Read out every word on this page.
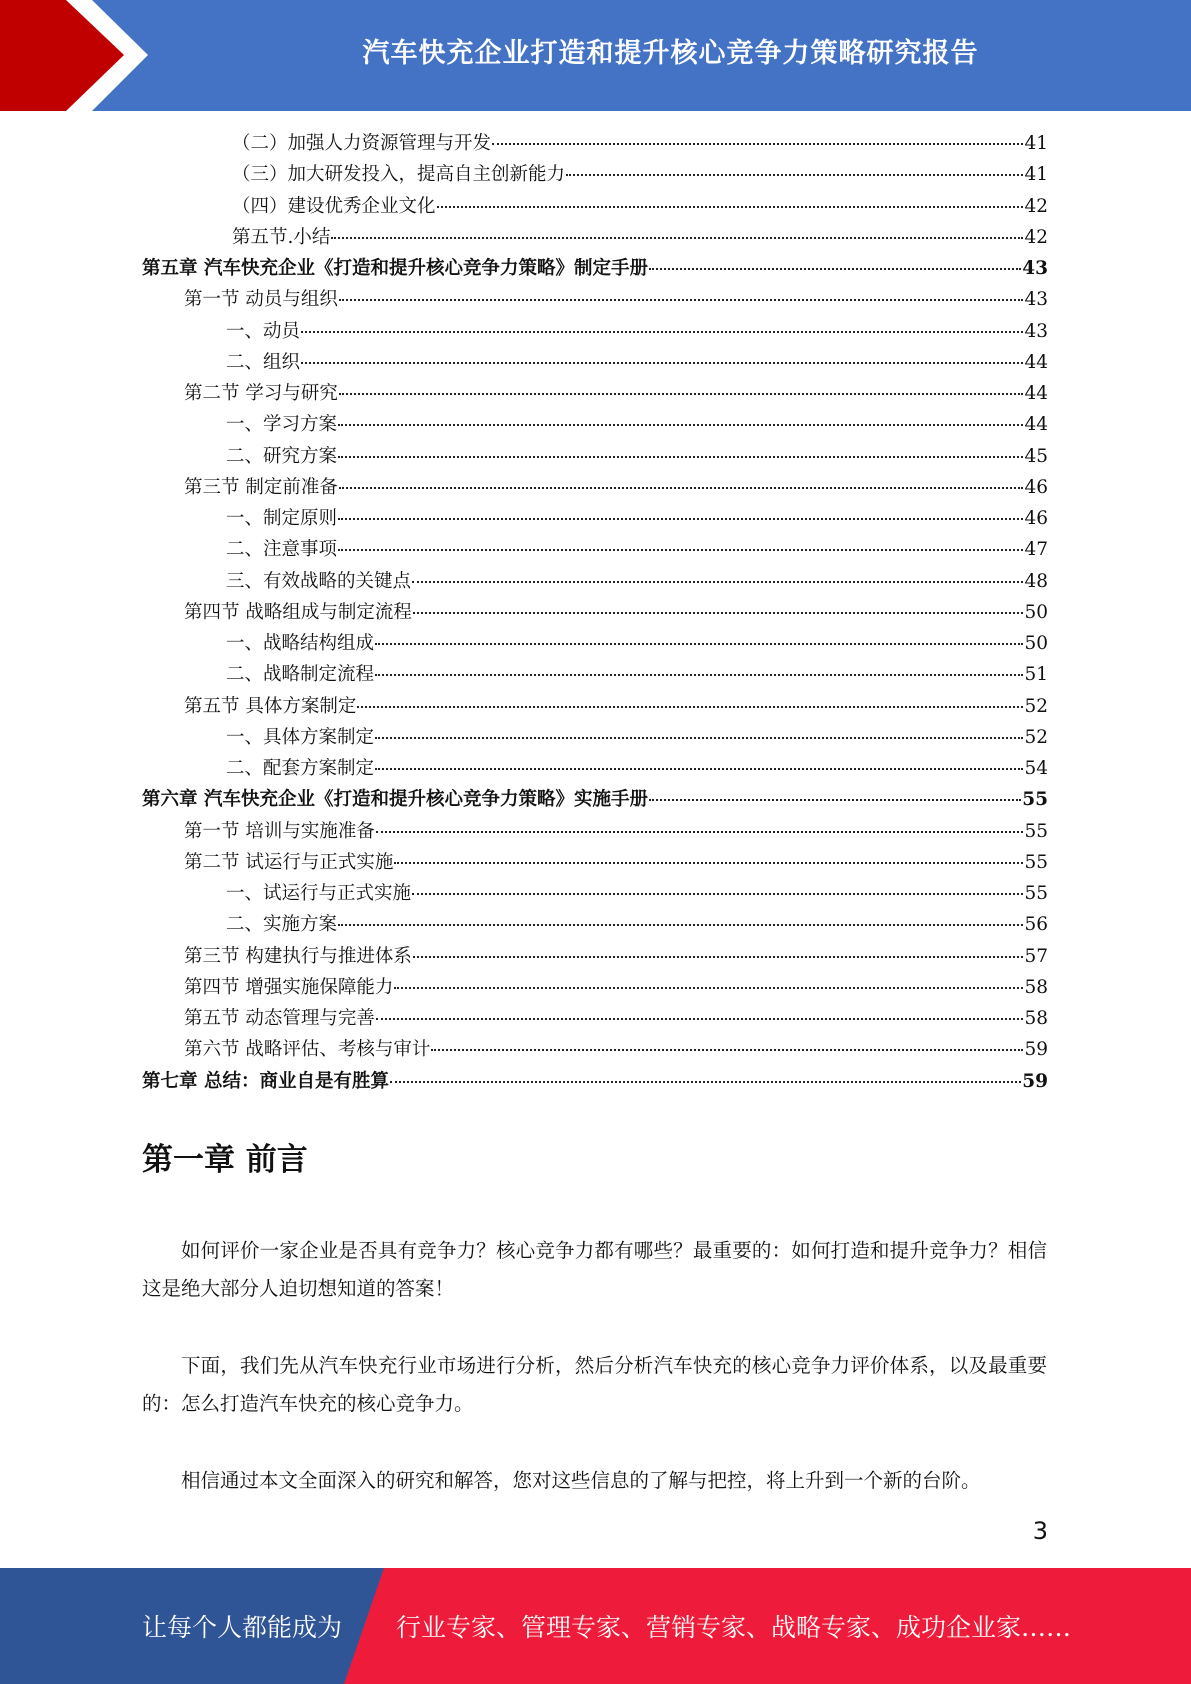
汽车快充企业打造和提升核心竞争力策略研究报告
（二）加强人力资源管理与开发	41
（三）加大研发投入，提高自主创新能力	41
（四）建设优秀企业文化	42
第五节.小结	42
第五章 汽车快充企业《打造和提升核心竞争力策略》制定手册	43
第一节 动员与组织	43
一、动员	43
二、组织	44
第二节 学习与研究	44
一、学习方案	44
二、研究方案	45
第三节 制定前准备	46
一、制定原则	46
二、注意事项	47
三、有效战略的关键点	48
第四节 战略组成与制定流程	50
一、战略结构组成	50
二、战略制定流程	51
第五节 具体方案制定	52
一、具体方案制定	52
二、配套方案制定	54
第六章 汽车快充企业《打造和提升核心竞争力策略》实施手册	55
第一节 培训与实施准备	55
第二节 试运行与正式实施	55
一、试运行与正式实施	55
二、实施方案	56
第三节 构建执行与推进体系	57
第四节 增强实施保障能力	58
第五节 动态管理与完善	58
第六节 战略评估、考核与审计	59
第七章 总结：商业自是有胜算	59
第一章 前言

如何评价一家企业是否具有竞争力？核心竞争力都有哪些？最重要的：如何打造和提升竞争力？相信这是绝大部分人迫切想知道的答案！

下面，我们先从汽车快充行业市场进行分析，然后分析汽车快充的核心竞争力评价体系，以及最重要的：怎么打造汽车快充的核心竞争力。

相信通过本文全面深入的研究和解答，您对这些信息的了解与把控，将上升到一个新的台阶。

3
让每个人都能成为 行业专家、管理专家、营销专家、战略专家、成功企业家……
